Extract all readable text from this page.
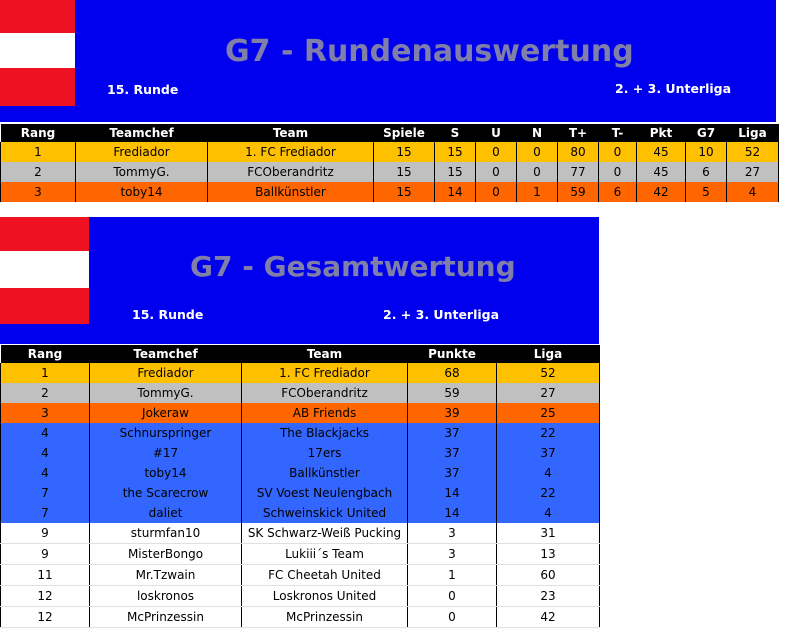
G7 - Rundenauswertung
15. Runde	2. + 3. Unterliga
Rang	Teamchef	Team	Spiele	S	U	N	T+	T-	Pkt	G7	Liga
1	Frediador	1. FC Frediador	15	15	0	0	80	0	45	10	52
2	TommyG.	FCOberandritz	15	15	0	0	77	0	45	6	27
3	toby14	Ballkünstler	15	14	0	1	59	6	42	5	4
G7 - Gesamtwertung
15. Runde	2. + 3. Unterliga
Rang	Teamchef	Team	Punkte	Liga
1	Frediador	1. FC Frediador	68	52
2	TommyG.	FCOberandritz	59	27
3	Jokeraw	AB Friends	39	25
4	Schnurspringer	The Blackjacks	37	22
4	#17	17ers	37	37
4	toby14	Ballkünstler	37	4
7	the Scarecrow	SV Voest Neulengbach	14	22
7	daliet	Schweinskick United	14	4
9	sturmfan10	SK Schwarz-Weiß Pucking	3	31
9	MisterBongo	Lukiii´s Team	3	13
11	Mr.Tzwain	FC Cheetah United	1	60
12	loskronos	Loskronos United	0	23
12	McPrinzessin	McPrinzessin	0	42
